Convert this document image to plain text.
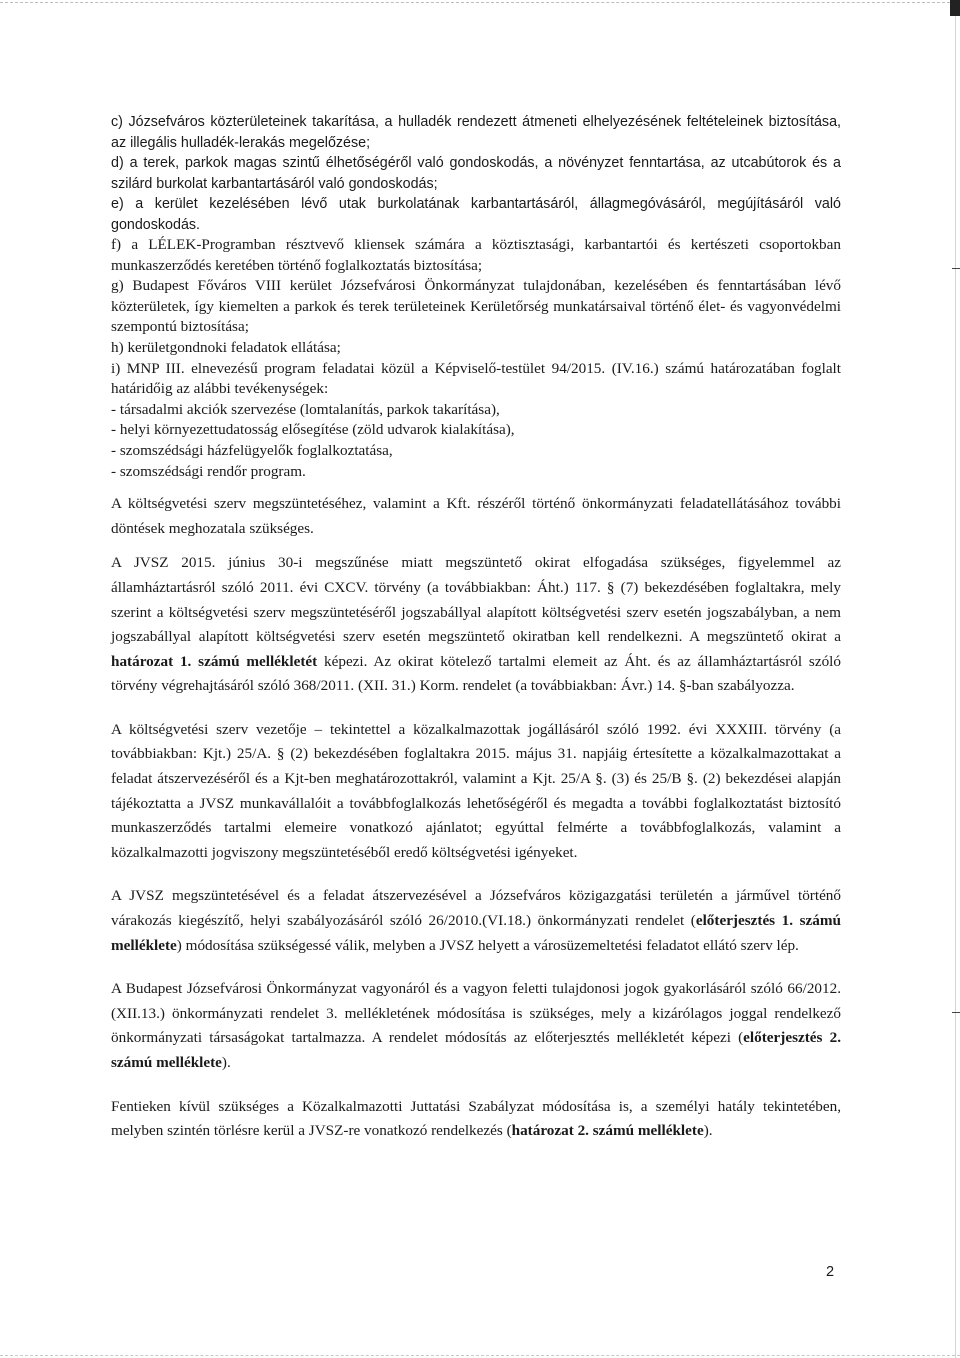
c) Józsefváros közterületeinek takarítása, a hulladék rendezett átmeneti elhelyezésének feltételeinek biztosítása, az illegális hulladék-lerakás megelőzése;

d) a terek, parkok magas szintű élhetőségéről való gondoskodás, a növényzet fenntartása, az utcabútorok és a szilárd burkolat karbantartásáról való gondoskodás;

e) a kerület kezelésében lévő utak burkolatának karbantartásáról, állagmegóvásáról, megújításáról való gondoskodás.

f) a LÉLEK-Programban résztvevő kliensek számára a köztisztasági, karbantartói és kertészeti csoportokban munkaszerződés keretében történő foglalkoztatás biztosítása;

g) Budapest Főváros VIII kerület Józsefvárosi Önkormányzat tulajdonában, kezelésében és fenntartásában lévő közterületek, így kiemelten a parkok és terek területeinek Kerületőrség munkatársaival történő élet- és vagyonvédelmi szempontú biztosítása;

h) kerületgondnoki feladatok ellátása;

i) MNP III. elnevezésű program feladatai közül a Képviselő-testület 94/2015. (IV.16.) számú határozatában foglalt határidőig az alábbi tevékenységek:

- társadalmi akciók szervezése (lomtalanítás, parkok takarítása),

- helyi környezettudatosság elősegítése (zöld udvarok kialakítása),

- szomszédsági házfelügyelők foglalkoztatása,

- szomszédsági rendőr program.

A költségvetési szerv megszüntetéséhez, valamint a Kft. részéről történő önkormányzati feladatellátásához további döntések meghozatala szükséges.

A JVSZ 2015. június 30-i megszűnése miatt megszüntető okirat elfogadása szükséges, figyelemmel az államháztartásról szóló 2011. évi CXCV. törvény (a továbbiakban: Áht.) 117. § (7) bekezdésében foglaltakra, mely szerint a költségvetési szerv megszüntetéséről jogszabállyal alapított költségvetési szerv esetén jogszabályban, a nem jogszabállyal alapított költségvetési szerv esetén megszüntető okiratban kell rendelkezni. A megszüntető okirat a határozat 1. számú mellékletét képezi. Az okirat kötelező tartalmi elemeit az Áht. és az államháztartásról szóló törvény végrehajtásáról szóló 368/2011. (XII. 31.) Korm. rendelet (a továbbiakban: Ávr.) 14. §-ban szabályozza.

A költségvetési szerv vezetője – tekintettel a közalkalmazottak jogállásáról szóló 1992. évi XXXIII. törvény (a továbbiakban: Kjt.) 25/A. § (2) bekezdésében foglaltakra 2015. május 31. napjáig értesítette a közalkalmazottakat a feladat átszervezéséről és a Kjt-ben meghatározottakról, valamint a Kjt. 25/A §. (3) és 25/B §. (2) bekezdései alapján tájékoztatta a JVSZ munkavállalóit a továbbfoglalkozás lehetőségéről és megadta a további foglalkoztatást biztosító munkaszerződés tartalmi elemeire vonatkozó ajánlatot; egyúttal felmérte a továbbfoglalkozás, valamint a közalkalmazotti jogviszony megszüntetéséből eredő költségvetési igényeket.

A JVSZ megszüntetésével és a feladat átszervezésével a Józsefváros közigazgatási területén a járművel történő várakozás kiegészítő, helyi szabályozásáról szóló 26/2010.(VI.18.) önkormányzati rendelet (előterjesztés 1. számú melléklete) módosítása szükségessé válik, melyben a JVSZ helyett a városüzemeltetési feladatot ellátó szerv lép.

A Budapest Józsefvárosi Önkormányzat vagyonáról és a vagyon feletti tulajdonosi jogok gyakorlásáról szóló 66/2012. (XII.13.) önkormányzati rendelet 3. mellékletének módosítása is szükséges, mely a kizárólagos joggal rendelkező önkormányzati társaságokat tartalmazza. A rendelet módosítás az előterjesztés mellékletét képezi (előterjesztés 2. számú melléklete).

Fentieken kívül szükséges a Közalkalmazotti Juttatási Szabályzat módosítása is, a személyi hatály tekintetében, melyben szintén törlésre kerül a JVSZ-re vonatkozó rendelkezés (határozat 2. számú melléklete).

2
